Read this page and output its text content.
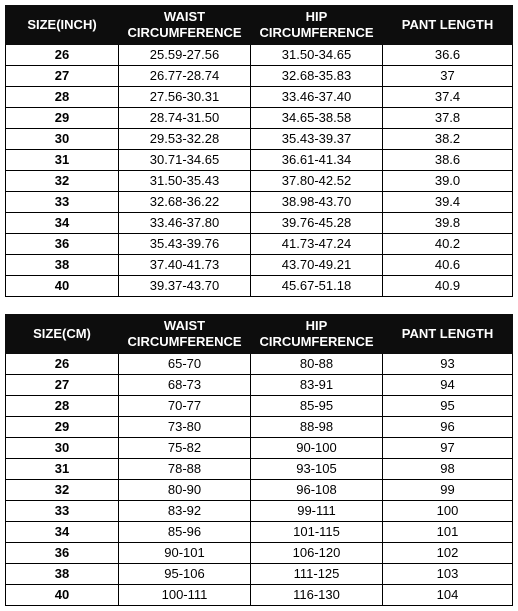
SIZE(INCH)	WAIST CIRCUMFERENCE	HIP CIRCUMFERENCE	PANT LENGTH
26	25.59-27.56	31.50-34.65	36.6
27	26.77-28.74	32.68-35.83	37
28	27.56-30.31	33.46-37.40	37.4
29	28.74-31.50	34.65-38.58	37.8
30	29.53-32.28	35.43-39.37	38.2
31	30.71-34.65	36.61-41.34	38.6
32	31.50-35.43	37.80-42.52	39.0
33	32.68-36.22	38.98-43.70	39.4
34	33.46-37.80	39.76-45.28	39.8
36	35.43-39.76	41.73-47.24	40.2
38	37.40-41.73	43.70-49.21	40.6
40	39.37-43.70	45.67-51.18	40.9
SIZE(CM)	WAIST CIRCUMFERENCE	HIP CIRCUMFERENCE	PANT LENGTH
26	65-70	80-88	93
27	68-73	83-91	94
28	70-77	85-95	95
29	73-80	88-98	96
30	75-82	90-100	97
31	78-88	93-105	98
32	80-90	96-108	99
33	83-92	99-111	100
34	85-96	101-115	101
36	90-101	106-120	102
38	95-106	111-125	103
40	100-111	116-130	104
